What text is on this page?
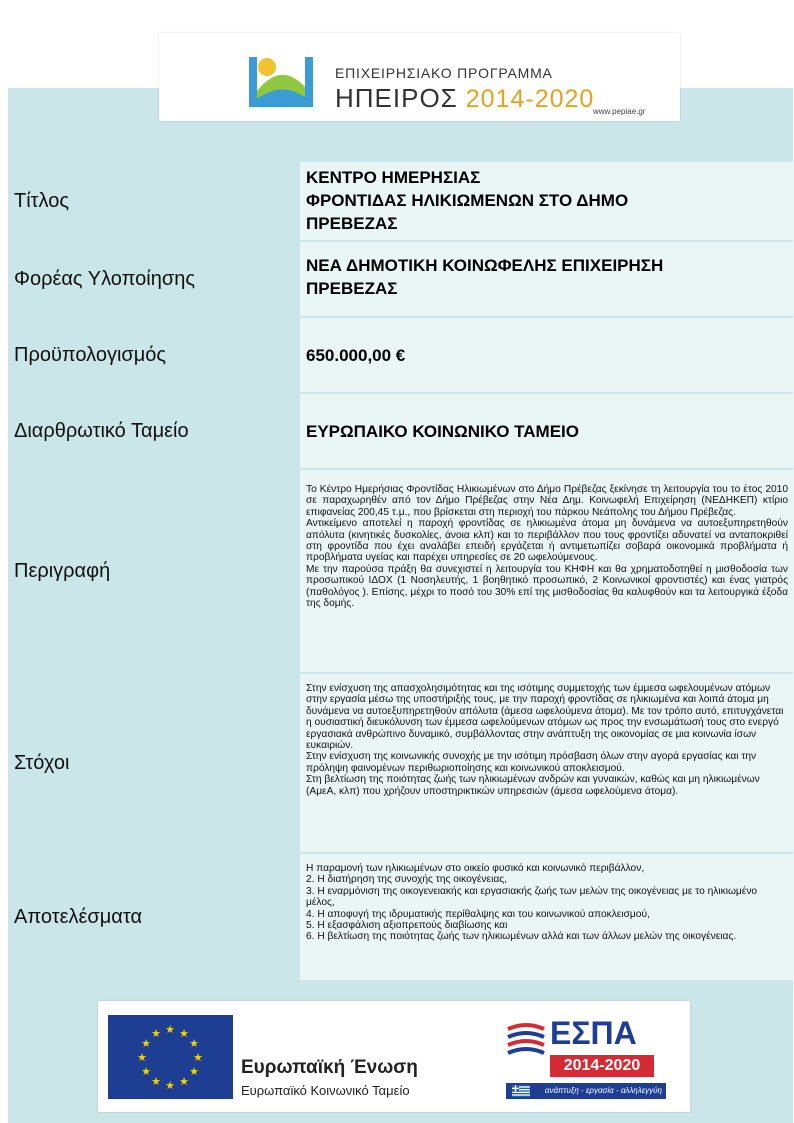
ΕΠΙΧΕΙΡΗΣΙΑΚΟ ΠΡΟΓΡΑΜΜΑ
ΗΠΕΙΡΟΣ 2014-2020
www.pepiae.gr
Τίτλος
ΚΕΝΤΡΟ ΗΜΕΡΗΣΙΑΣ
ΦΡΟΝΤΙΔΑΣ ΗΛΙΚΙΩΜΕΝΩΝ ΣΤΟ ΔΗΜΟ
ΠΡΕΒΕΖΑΣ
Φορέας Υλοποίησης
ΝΕΑ ΔΗΜΟΤΙΚΗ ΚΟΙΝΩΦΕΛΗΣ ΕΠΙΧΕΙΡΗΣΗ
ΠΡΕΒΕΖΑΣ
Προϋπολογισμός	650.000,00 €
Διαρθρωτικό Ταμείο	ΕΥΡΩΠΑΙΚΟ ΚΟΙΝΩΝΙΚΟ ΤΑΜΕΙΟ
Περιγραφή

Το Κέντρο Ημερήσιας Φροντίδας Ηλικιωμένων στο Δήμο Πρέβεζας ξεκίνησε τη λειτουργία του το έτος 2010 σε παραχωρηθέν από τον Δήμο Πρέβεζας στην Νέα Δημ. Κοινωφελή Επιχείρηση (ΝΕΔΗΚΕΠ) κτίριο επιφανείας 200,45 τ.μ., που βρίσκεται στη περιοχή του πάρκου Νεάπολης του Δήμου Πρέβεζας.

Αντικείμενο αποτελεί η παροχή φροντίδας σε ηλικιωμένα άτομα μη δυνάμενα να αυτοεξυπηρετηθούν απόλυτα (κινητικές δυσκολίες, άνοια κλπ) και το περιβάλλον που τους φροντίζει αδυνατεί να ανταποκριθεί στη φροντίδα που έχει αναλάβει επειδή εργάζεται ή αντιμετωπίζει σοβαρά οικονομικά προβλήματα ή προβλήματα υγείας και παρέχει υπηρεσίες σε 20 ωφελούμενους.

Με την παρούσα πράξη θα συνεχιστεί η λειτουργία του ΚΗΦΗ και θα χρηματοδοτηθεί η μισθοδοσία των προσωπικού ΙΔΟΧ (1 Νοσηλευτής, 1 βοηθητικό προσωπικό, 2 Κοινωνικοί φροντιστές) και ένας γιατρός (παθολόγος ). Επίσης, μέχρι το ποσό του 30% επί της μισθοδοσίας θα καλυφθούν και τα λειτουργικά έξοδα της δομής.

Στόχοι

Στην ενίσχυση της απασχολησιμότητας και της ισότιμης συμμετοχής των έμμεσα ωφελουμένων ατόμων στην εργασία μέσω της υποστήριξής τους, με την παροχή φροντίδας σε ηλικιωμένα και λοιπά άτομα μη δυνάμενα να αυτοεξυπηρετηθούν απόλυτα (άμεσα ωφελούμενα άτομα). Με τον τρόπο αυτό, επιτυγχάνεται η ουσιαστική διευκόλυνση των έμμεσα ωφελούμενων ατόμων ως προς την ενσωμάτωσή τους στο ενεργό εργασιακά ανθρώπινο δυναμικό, συμβάλλοντας στην ανάπτυξη της οικονομίας σε μια κοινωνία ίσων ευκαιριών.

Στην ενίσχυση της κοινωνικής συνοχής με την ισότιμη πρόσβαση όλων στην αγορά εργασίας και την πρόληψη φαινομένων περιθωριοποίησης και κοινωνικού αποκλεισμού.

Στη βελτίωση της ποιότητας ζωής των ηλικιωμένων ανδρών και γυναικών, καθώς και μη ηλικιωμένων (ΑμεΑ, κλπ) που χρήζουν υποστηρικτικών υπηρεσιών (άμεσα ωφελούμενα άτομα).

Αποτελέσματα

Η παραμονή των ηλικιωμένων στο οικείο φυσικό και κοινωνικό περιβάλλον,

2. Η διατήρηση της συνοχής της οικογένειας,

3. Η εναρμόνιση της οικογενειακής και εργασιακής ζωής των μελών της οικογένειας με το ηλικιωμένο μέλος,

4. Η αποφυγή της ιδρυματικής περίθαλψης και του κοινωνικού αποκλεισμού,

5. Η εξασφάλιση αξιοπρεπούς διαβίωσης και

6. Η βελτίωση της ποιότητας ζωής των ηλικιωμένων αλλά και των άλλων μελών της οικογένειας.

★ ★
★
★
★
★
★
★
★
★
★
★
Ευρωπαϊκή Ένωση
Ευρωπαϊκό Κοινωνικό Ταμείο
ΕΣΠΑ
2014-2020
ανάπτυξη - εργασία - αλληλεγγύη
